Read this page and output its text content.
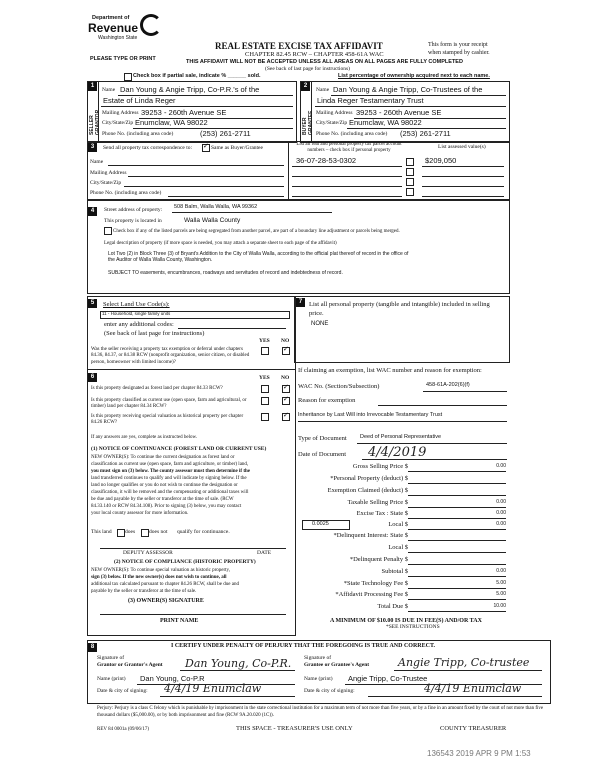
Department of
Revenue
Washington State
REAL ESTATE EXCISE TAX AFFIDAVIT
CHAPTER 82.45 RCW – CHAPTER 458-61A WAC
THIS AFFIDAVIT WILL NOT BE ACCEPTED UNLESS ALL AREAS ON ALL PAGES ARE FULLY COMPLETED
(See back of last page for instructions)
PLEASE TYPE OR PRINT
This form is your receipt when stamped by cashier.
Check box if partial sale, indicate % ______ sold.	List percentage of ownership acquired next to each name.
1
SELLER GRANTOR
Name Dan Young & Angie Tripp, Co-P.R.'s of the
Estate of Linda Reger
Mailing Address 39253 - 260th Avenue SE
City/State/Zip Enumclaw, WA 98022
Phone No. (including area code)	(253) 261-2711
2
BUYER GRANTEE
Name Dan Young & Angie Tripp, Co-Trustees of the
Linda Reger Testamentary Trust
Mailing Address 39253 - 260th Avenue SE
City/State/Zip Enumclaw, WA 98022
Phone No. (including area code) (253) 261-2711
3	Send all property tax correspondence to: ✓	Same as Buyer/Grantee
List all real and personal property tax parcel account numbers – check box if personal property
List assessed value(s)
Name
Mailing Address
City/State/Zip
Phone No. (including area code)
36-07-28-53-0302	$209,050
4	Street address of property: 508 Balm, Walla Walla, WA 99362
This property is located in	Walla Walla County
Check box if any of the listed parcels are being segregated from another parcel, are part of a boundary line adjustment or parcels being merged.
Legal description of property (if more space is needed, you may attach a separate sheet to each page of the affidavit)
Lot Two (2) in Block Three (3) of Bryant's Addition to the City of Walla Walla, according to the official plat thereof of record in the office of
the Auditor of Walla Walla County, Washington.
SUBJECT TO easements, encumbrances, roadways and servitudes of record and indebtedness of record.
5	Select Land Use Code(s):
11 - Household, single family units
enter any additional codes:
(See back of last page for instructions)
YES NO
Was the seller receiving a property tax exemption or deferral under chapters 84.36, 84.37, or 84.38 RCW (nonprofit organization, senior citizen, or disabled person, homeowner with limited income)?
✓
6	YES NO
Is this property designated as forest land per chapter 84.33 RCW?
✓
Is this property classified as current use (open space, farm and agricultural, or timber) land per chapter 84.34 RCW?
✓
Is this property receiving special valuation as historical property per chapter 84.26 RCW?
✓
If any answers are yes, complete as instructed below.
(1) NOTICE OF CONTINUANCE (FOREST LAND OR CURRENT USE)
NEW OWNER(S): To continue the current designation as forest land or
classification as current use (open space, farm and agriculture, or timber) land,
you must sign on (3) below. The county assessor must then determine if the
land transferred continues to qualify and will indicate by signing below. If the
land no longer qualifies or you do not wish to continue the designation or
classification, it will be removed and the compensating or additional taxes will
be due and payable by the seller or transferor at the time of sale. (RCW
84.33.140 or RCW 84.34.108). Prior to signing (3) below, you may contact
your local county assessor for more information.
This land does	does not qualify for continuance.
DEPUTY ASSESSOR	DATE
(2) NOTICE OF COMPLIANCE (HISTORIC PROPERTY)
NEW OWNER(S): To continue special valuation as historic property,
sign (3) below. If the new owner(s) does not wish to continue, all
additional tax calculated pursuant to chapter 84.26 RCW, shall be due and
payable by the seller or transferor at the time of sale.
(3) OWNER(S) SIGNATURE
PRINT NAME
7	List all personal property (tangible and intangible) included in selling price.
NONE
If claiming an exemption, list WAC number and reason for exemption:
WAC No. (Section/Subsection)	458-61A-202(6)(f)
Reason for exemption
Inheritance by Last Will into Irrevocable Testamentary Trust
Type of Document Deed of Personal Representative
Date of Document 4/4/2019
Gross Selling Price $	0.00
*Personal Property (deduct) $
Exemption Claimed (deduct) $
Taxable Selling Price $	0.00
Excise Tax : State $	0.00
0.0025	Local $	0.00
*Delinquent Interest: State $
Local $
*Delinquent Penalty $
Subtotal $	0.00
*State Technology Fee $	5.00
*Affidavit Processing Fee $	5.00
Total Due $	10.00
A MINIMUM OF $10.00 IS DUE IN FEE(S) AND/OR TAX
*SEE INSTRUCTIONS
8	I CERTIFY UNDER PENALTY OF PERJURY THAT THE FOREGOING IS TRUE AND CORRECT.
Signature of
Grantor or Grantor's Agent Dan Young, Co-P.R.
Name (print) Dan Young, Co-P.R
Date & city of signing: 4/4/19 Enumclaw
Signature of
Grantee or Grantee's Agent	Angie Tripp, Co-trustee
Name (print) Angie Tripp, Co-Trustee
Date & city of signing:	4/4/19 Enumclaw
Perjury: Perjury is a class C felony which is punishable by imprisonment in the state correctional institution for a maximum term of not more than five years, or by a fine in an amount fixed by the court of not more than five thousand dollars ($5,000.00), or by both imprisonment and fine (RCW 9A.20.020 (1C)).
REV 84 0001a (09/06/17)	THIS SPACE - TREASURER'S USE ONLY	COUNTY TREASURER
136543 2019 APR 9 PM 1:53
